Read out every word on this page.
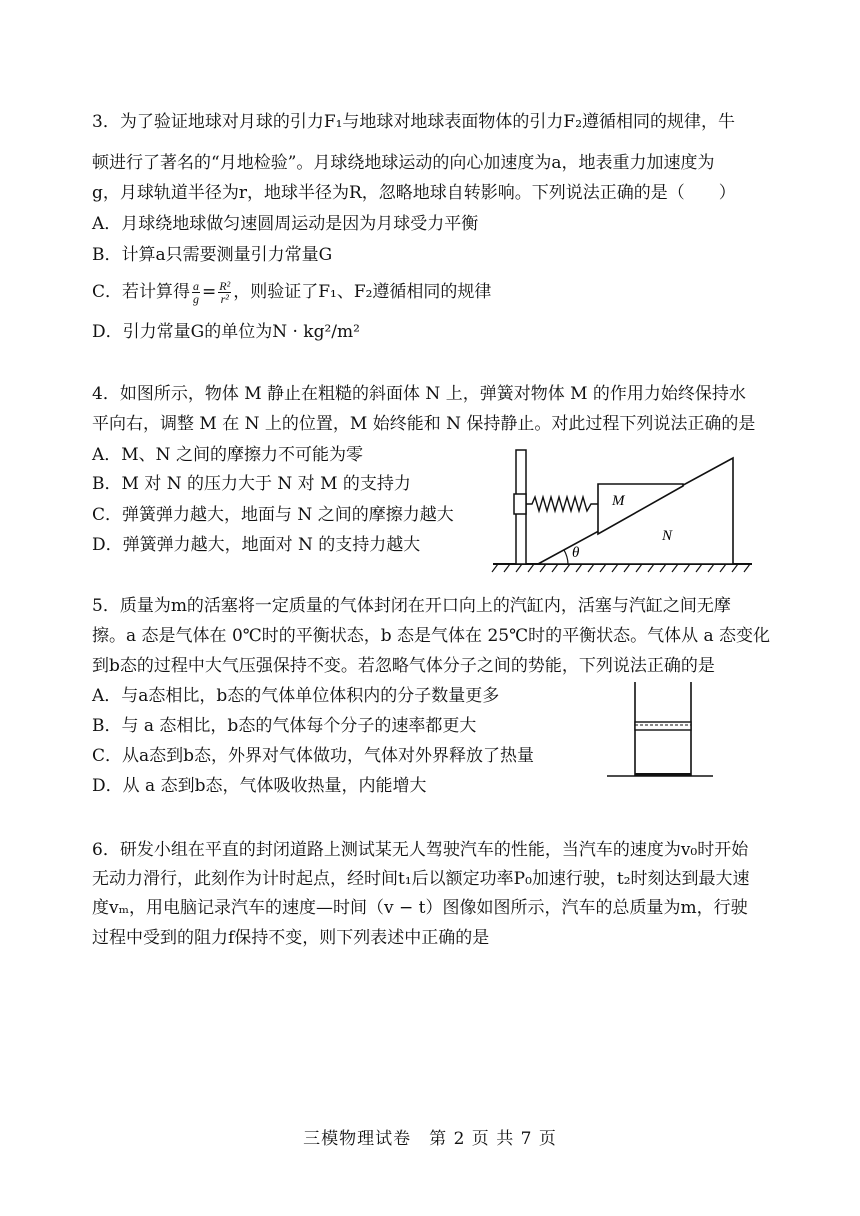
3．为了验证地球对月球的引力F₁与地球对地球表面物体的引力F₂遵循相同的规律，牛
顿进行了著名的“月地检验”。月球绕地球运动的向心加速度为a，地表重力加速度为
g，月球轨道半径为r，地球半径为R，忽略地球自转影响。下列说法正确的是（　　）
A．月球绕地球做匀速圆周运动是因为月球受力平衡
B．计算a只需要测量引力常量G
C．若计算得 $\frac{a}{g} = \frac{\text{R²}}{\text{r²}}$ ，则验证了F₁、F₂遵循相同的规律
D．引力常量G的单位为N · kg²/m²
4．如图所示，物体 M 静止在粗糙的斜面体 N 上，弹簧对物体 M 的作用力始终保持水
平向右，调整 M 在 N 上的位置，M 始终能和 N 保持静止。对此过程下列说法正确的是
A．M、N 之间的摩擦力不可能为零
B．M 对 N 的压力大于 N 对 M 的支持力
C．弹簧弹力越大，地面与 N 之间的摩擦力越大
D．弹簧弹力越大，地面对 N 的支持力越大
M
N
θ
5．质量为m的活塞将一定质量的气体封闭在开口向上的汽缸内，活塞与汽缸之间无摩
擦。a 态是气体在 0℃时的平衡状态，b 态是气体在 25℃时的平衡状态。气体从 a 态变化
到b态的过程中大气压强保持不变。若忽略气体分子之间的势能，下列说法正确的是
A．与a态相比，b态的气体单位体积内的分子数量更多
B．与 a 态相比，b态的气体每个分子的速率都更大
C．从a态到b态，外界对气体做功，气体对外界释放了热量
D．从 a 态到b态，气体吸收热量，内能增大
6．研发小组在平直的封闭道路上测试某无人驾驶汽车的性能，当汽车的速度为v₀时开始
无动力滑行，此刻作为计时起点，经时间t₁后以额定功率P₀加速行驶，t₂时刻达到最大速
度vₘ，用电脑记录汽车的速度—时间（v − t）图像如图所示，汽车的总质量为m，行驶
过程中受到的阻力f保持不变，则下列表述中正确的是
三模物理试卷　第 2 页 共 7 页
